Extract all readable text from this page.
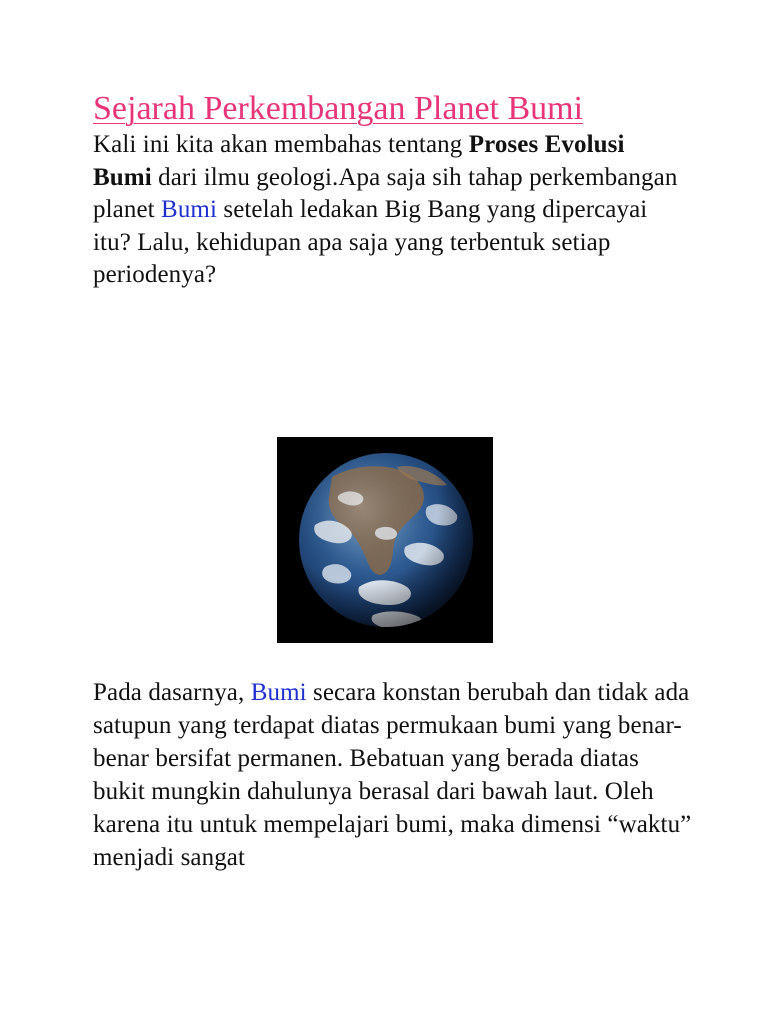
Sejarah Perkembangan Planet Bumi

Kali ini kita akan membahas tentang Proses Evolusi Bumi dari ilmu geologi.Apa saja sih tahap perkembangan planet Bumi setelah ledakan Big Bang yang dipercayai itu? Lalu, kehidupan apa saja yang terbentuk setiap periodenya?

Pada dasarnya, Bumi secara konstan berubah dan tidak ada satupun yang terdapat diatas permukaan bumi yang benar-benar bersifat permanen. Bebatuan yang berada diatas bukit mungkin dahulunya berasal dari bawah laut. Oleh karena itu untuk mempelajari bumi, maka dimensi “waktu” menjadi sangat
